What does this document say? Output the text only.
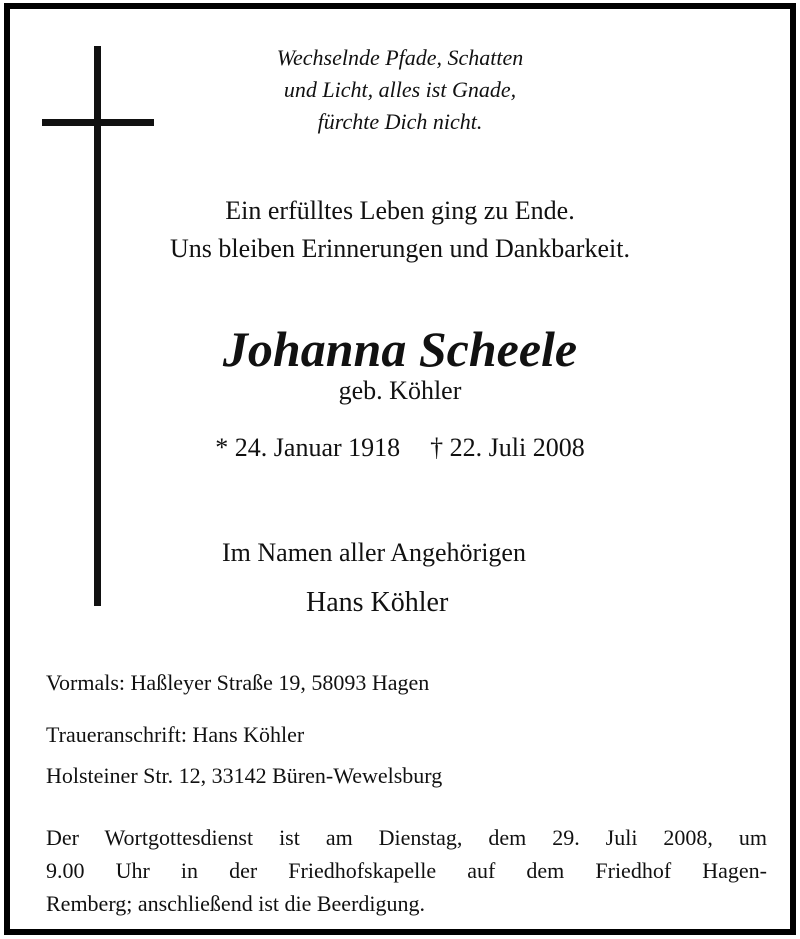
Wechselnde Pfade, Schatten
und Licht, alles ist Gnade,
fürchte Dich nicht.
Ein erfülltes Leben ging zu Ende.
Uns bleiben Erinnerungen und Dankbarkeit.
Johanna Scheele
geb. Köhler
* 24. Januar 1918 † 22. Juli 2008
Im Namen aller Angehörigen
Hans Köhler
Vormals: Haßleyer Straße 19, 58093 Hagen
Traueranschrift: Hans Köhler
Holsteiner Str. 12, 33142 Büren-Wewelsburg
Der Wortgottesdienst ist am Dienstag, dem 29. Juli 2008, um
9.00 Uhr in der Friedhofskapelle auf dem Friedhof Hagen-
Remberg; anschließend ist die Beerdigung.
